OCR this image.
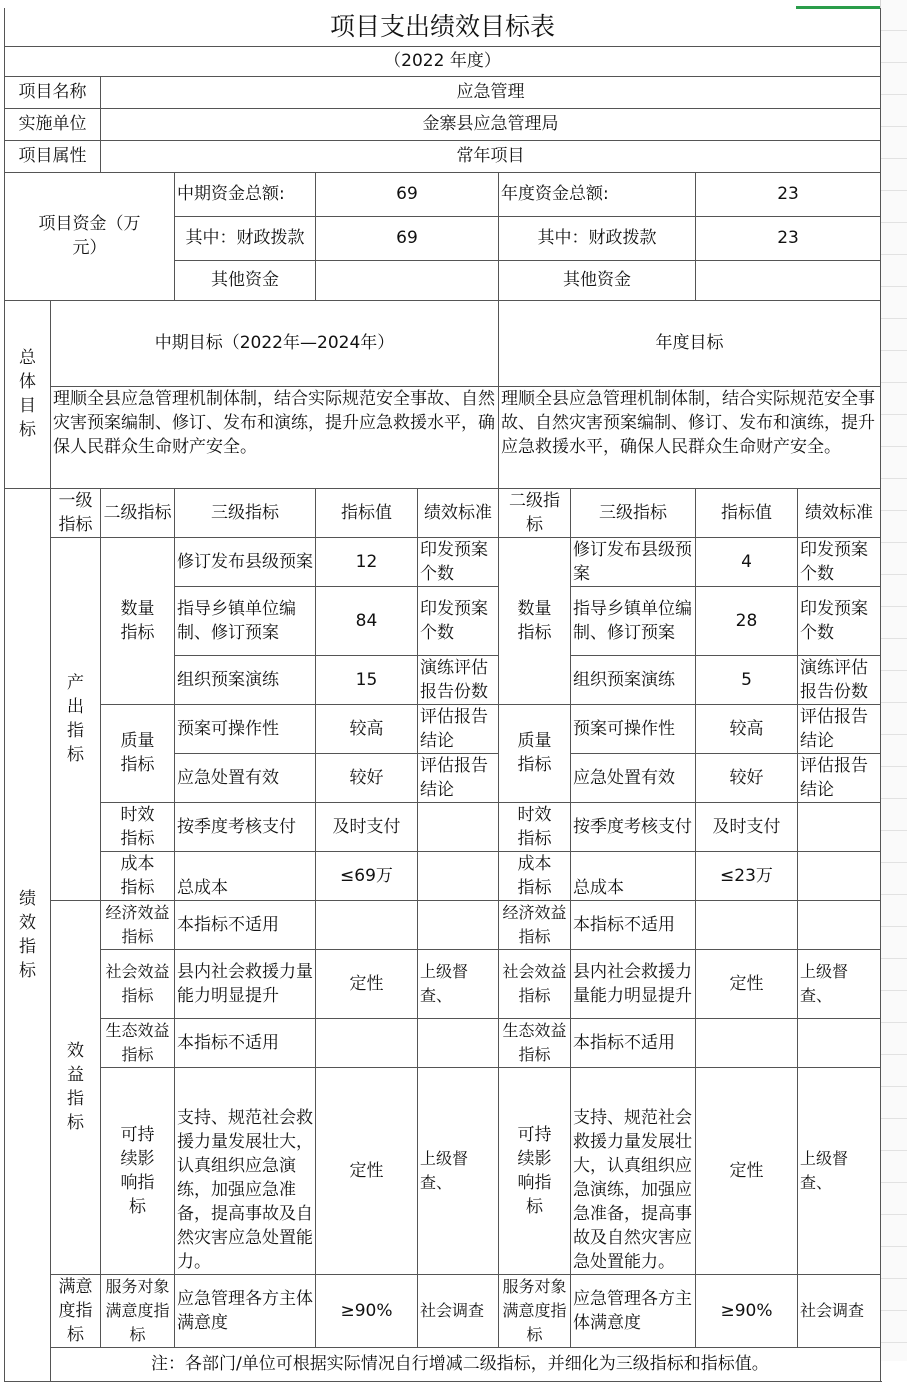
项目支出绩效目标表									
（2022 年度）									
项目名称		应急管理							
实施单位		金寨县应急管理局							
项目属性		常年项目							

项目资金（万元）			中期资金总额:	69		年度资金总额:		23	
			其中：财政拨款	69		其中：财政拨款		23	
			其他资金			其他资金			
总体目标	中期目标（2022年—2024年）					年度目标			
	理顺全县应急管理机制体制，结合实际规范安全事故、自然灾害预案编制、修订、发布和演练，提升应急救援水平，确保人民群众生命财产安全。					理顺全县应急管理机制体制，结合实际规范安全事故、自然灾害预案编制、修订、发布和演练，提升应急救援水平，确保人民群众生命财产安全。			
绩效指标	一级指标	二级指标	三级指标	指标值	绩效标准	二级指标	三级指标	指标值	绩效标准
	产出指标	数量指标	修订发布县级预案	12	印发预案个数	数量指标	修订发布县级预案	4	印发预案个数
			指导乡镇单位编制、修订预案	84	印发预案个数		指导乡镇单位编制、修订预案	28	印发预案个数
			组织预案演练	15	演练评估报告份数		组织预案演练	5	演练评估报告份数

		质量指标	预案可操作性	较高	评估报告结论	质量指标	预案可操作性	较高	评估报告结论
			应急处置有效	较好	评估报告结论		应急处置有效	较好	评估报告结论

		时效指标	按季度考核支付	及时支付		时效指标	按季度考核支付	及时支付	

		成本指标	总成本	≤69万		成本指标	总成本	≤23万	
	效益指标	经济效益指标	本指标不适用			经济效益指标	本指标不适用		
		社会效益指标	县内社会救援力量能力明显提升	定性	上级督查、	社会效益指标	县内社会救援力量能力明显提升	定性	上级督查、
		生态效益指标	本指标不适用			生态效益指标	本指标不适用		

		可持续影响指标	支持、规范社会救援力量发展壮大，认真组织应急演练，加强应急准备，提高事故及自然灾害应急处置能力。	定性	上级督查、	可持续影响指标	支持、规范社会救援力量发展壮大，认真组织应急演练，加强应急准备，提高事故及自然灾害应急处置能力。	定性	上级督查、
	满意度指标	服务对象满意度指标	应急管理各方主体满意度	≥90%	社会调查	服务对象满意度指标	应急管理各方主体满意度	≥90%	社会调查
	注：各部门/单位可根据实际情况自行增减二级指标，并细化为三级指标和指标值。								
